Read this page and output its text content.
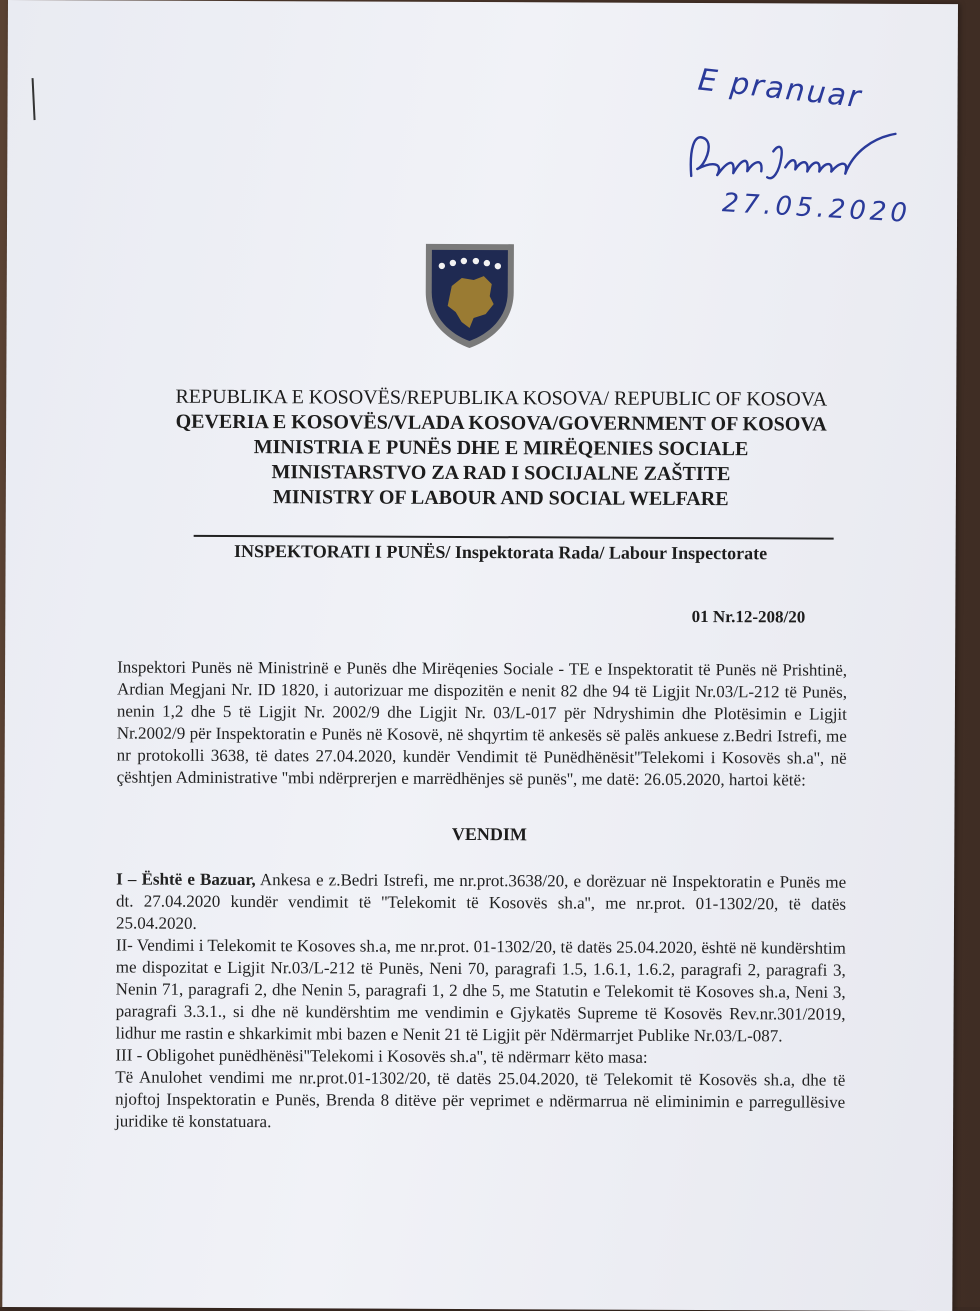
E pranuar
27.05.2020
REPUBLIKA E KOSOVËS/REPUBLIKA KOSOVA/ REPUBLIC OF KOSOVA
QEVERIA E KOSOVËS/VLADA KOSOVA/GOVERNMENT OF KOSOVA
MINISTRIA E PUNËS DHE E MIRËQENIES SOCIALE
MINISTARSTVO ZA RAD I SOCIJALNE ZAŠTITE
MINISTRY OF LABOUR AND SOCIAL WELFARE
INSPEKTORATI I PUNËS/ Inspektorata Rada/ Labour Inspectorate
01 Nr.12-208/20
Inspektori Punës në Ministrinë e Punës dhe Mirëqenies Sociale - TE e Inspektoratit të Punës në Prishtinë, Ardian Megjani Nr. ID 1820, i autorizuar me dispozitën e nenit 82 dhe 94 të Ligjit Nr.03/L-212 të Punës, nenin 1,2 dhe 5 të Ligjit Nr. 2002/9 dhe Ligjit Nr. 03/L-017 për Ndryshimin dhe Plotësimin e Ligjit Nr.2002/9 për Inspektoratin e Punës në Kosovë, në shqyrtim të ankesës së palës ankuese z.Bedri Istrefi, me nr protokolli 3638, të dates 27.04.2020, kundër Vendimit të Punëdhënësit''Telekomi i Kosovës sh.a'', në çështjen Administrative ''mbi ndërprerjen e marrëdhënjes së punës'', me datë: 26.05.2020, hartoi këtë:
VENDIM

I – Është e Bazuar, Ankesa e z.Bedri Istrefi, me nr.prot.3638/20, e dorëzuar në Inspektoratin e Punës me dt. 27.04.2020 kundër vendimit të ''Telekomit të Kosovës sh.a'', me nr.prot. 01-1302/20, të datës 25.04.2020.

II- Vendimi i Telekomit te Kosoves sh.a, me nr.prot. 01-1302/20, të datës 25.04.2020, është në kundërshtim me dispozitat e Ligjit Nr.03/L-212 të Punës, Neni 70, paragrafi 1.5, 1.6.1, 1.6.2, paragrafi 2, paragrafi 3, Nenin 71, paragrafi 2, dhe Nenin 5, paragrafi 1, 2 dhe 5, me Statutin e Telekomit të Kosoves sh.a, Neni 3, paragrafi 3.3.1., si dhe në kundërshtim me vendimin e Gjykatës Supreme të Kosovës Rev.nr.301/2019, lidhur me rastin e shkarkimit mbi bazen e Nenit 21 të Ligjit për Ndërmarrjet Publike Nr.03/L-087.

III - Obligohet punëdhënësi''Telekomi i Kosovës sh.a'', të ndërmarr këto masa:

Të Anulohet vendimi me nr.prot.01-1302/20, të datës 25.04.2020, të Telekomit të Kosovës sh.a, dhe të njoftoj Inspektoratin e Punës, Brenda 8 ditëve për veprimet e ndërmarrua në eliminimin e parregullësive juridike të konstatuara.
